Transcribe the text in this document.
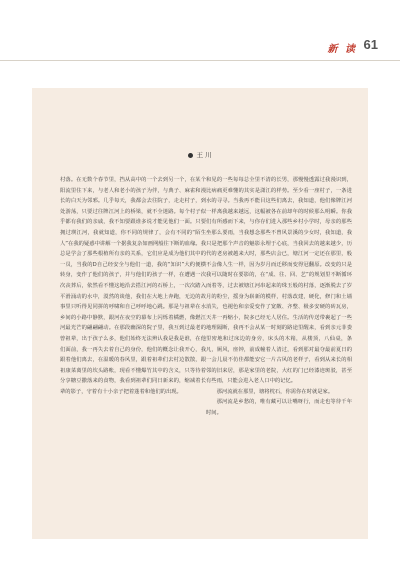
新 读 61
王 川

村落。在无数个春节里，挡从高中的一个去到另一个，在某个阳流里住下来，与老人和老小的孩子为伴，与典子、麻雀和漫长的白天为邻邪。几乎每天，我都会去往院子，走走村子，到处游荡，只要过往牌江河上的桥梁，就不全迷路。每个村子似乎都有我们的亲戚，我不知要跟谁多说才能见他们一面。只要拥过瑛江河，我就知道，你不同的规律了，会有不同的“陌生人”在我的疑惑中讲解一个据我复杂如画网般往下断的血缘。我总是学会了那些根植所有亲的关系，它们应是成为他们其中的一员，当我的D自己经安全与他们一道，我的“知识”大约便横转身，变作了他们的孩子，并与他们的孩子一样，在遭遇一次次丧葬后，依然看不懂这地沿去搭江河的石桥上，一次次踏入平滑涌动的水中，漠然的谈他，我们在大地上奔跑，无边的故事里只听得见同拼的呼啸和自己呼呼地心跳。那是与祖辈在水乡间的小路中静默，跟河在夜空的幕布上闪烁着橘燃，像燃江河最光芒的翩翩翩动。在那段幽深的院子里，我互到过最老的曾祖辈，出于孩子么多，他们始终无法辨认我是我是谁，在他们面前，我一再失去着自己的身份，他们的概念让我开心，我跟着他们离去，在温暖的春风里，跟着祖辈们去村边散散，跟祖康菜离里的坎头路帐，现看不懂爆竹其中的含义，只等待着分享糖豆撒落来的食物，我看到祖辈们同日新来的，缩减着长辈的影子，守着有十小亲子把着蓬着和他们的出现。

和见的一些每每总全里不清的长男，那慢慢透露过我漫识到，比病痛更难懂的其实是潇江的样势。至少看一座村子，一条进水的寻寻。当我再不能目这些们离去，我知道，他们像牌江河一样离我越来越远，这幅被各在前却年的时候那么明瞬。你我们有所感而下来，与你存们进入那些乡村小学时，母亲的那些坐那么要雨，当我想念那些不曾风景溪的少女时，我知道，我只是把那个声音的魅影永埋于心底，当我回去的越来越少，历代的老房被越来大时，那些店会已，塘江河一定还在那里，般不会像人生一样，因为岁月而迁移而变得冠翻原。改变的只是我可以随时在要影的，在“成、往、回、艺”的规划里不断循环而着等，过去被塘江河串起来的珠玉般的村落，逐渐脱去了岁月的粉尘，摇身为崭新的模样，村落改建，硬化，修门和土墙消失，也褪色和亲爱变作了宽敞、齐整、极多安硬的砖瓦房，天井一再缩小，院多已经无人居住。生活的传送带裹起了一些地理隔断，我再不会从某一时刻的路途里醒来，看到亲元菲娄里密地和过床边的身旁，床头的木箱，从楼顶，八仙桌，条凡，厕风，座钟，前成幢着人清过，看到那对最夺最前夏日的一会儿晨不仿佳都能安它一片古风的老样子，看到从来长的相邻的旧来居，那是家里的老院，大红的门已经漆迹斑驳，甚至有些雨，只能会进入老人口中的记忆。

那河流就在那里，塘将枕石，你需你在时就是家。

那河流是乡愁的，唯有藏可以让嘴呀行，而走也等待千年时间。
